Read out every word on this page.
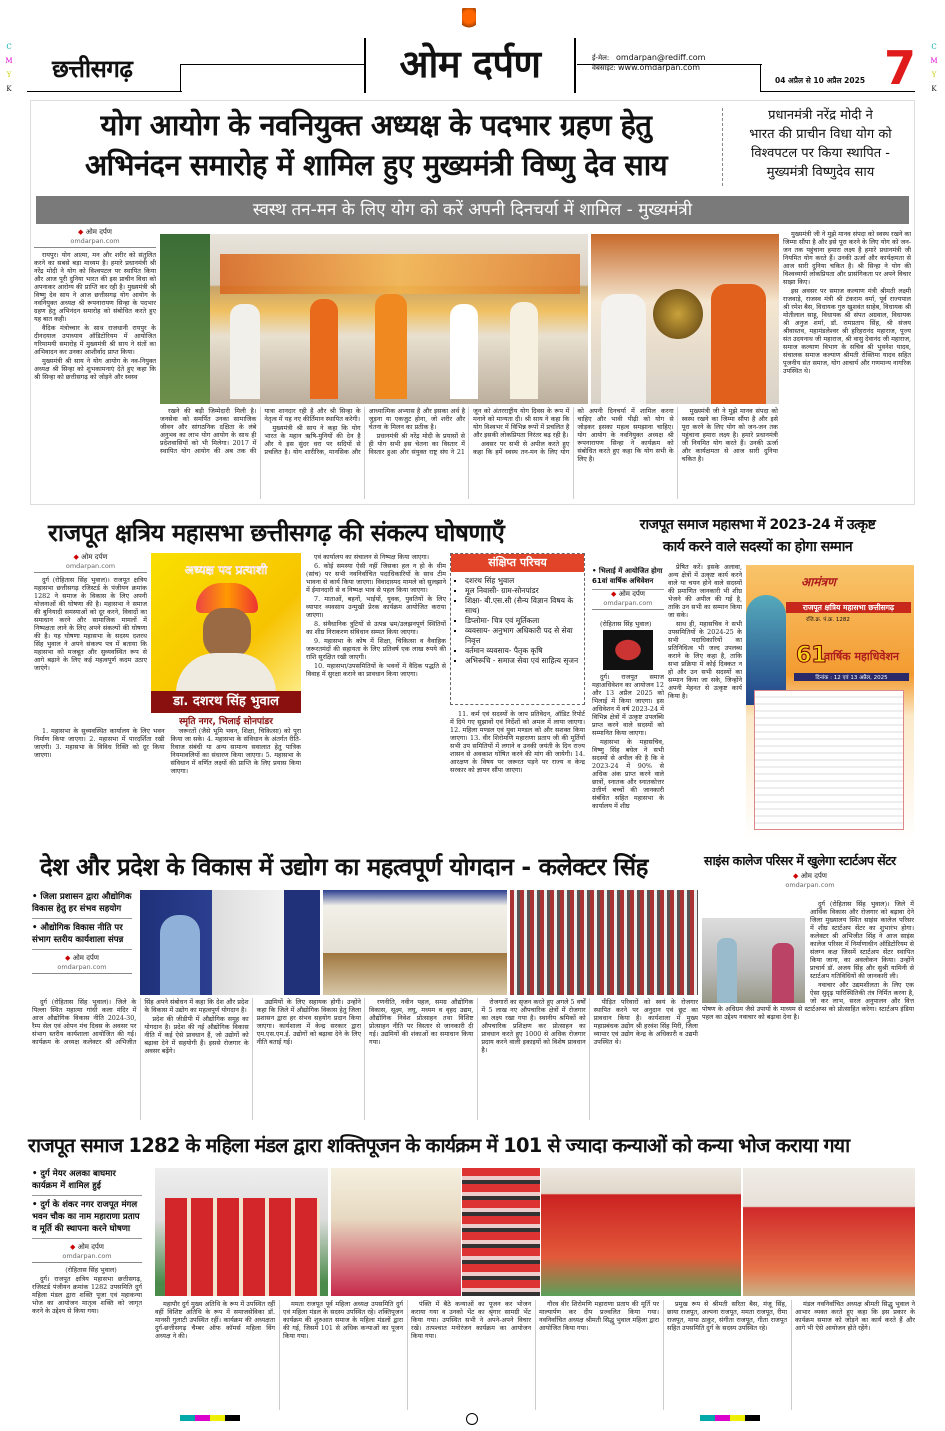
C
M
Y
K
C
M
Y
K
छत्तीसगढ़	ओम दर्पण	ई-मेल: omdarpan@rediff.com
वेबसाइट: www.omdarpan.com
04 अप्रैल से 10 अप्रैल 2025 7
योग आयोग के नवनियुक्त अध्यक्ष के पदभार ग्रहण हेतु
अभिनंदन समारोह में शामिल हुए मुख्यमंत्री विष्णु देव साय
प्रधानमंत्री नरेंद्र मोदी ने
भारत की प्राचीन विधा योग को
विश्वपटल पर किया स्थापित -
मुख्यमंत्री विष्णुदेव साय
स्वस्थ तन-मन के लिए योग को करें अपनी दिनचर्या में शामिल - मुख्यमंत्री
◆ ओम दर्पण
omdarpan.com

रायपुर। योग आत्मा, मन और शरीर को संतुलित करने का सबसे बड़ा माध्यम है। हमारे प्रधानमंत्री श्री नरेंद्र मोदी ने योग को विश्वपटल पर स्थापित किया और आज पूरी दुनिया भारत की इस प्राचीन विधा को अपनाकर आरोग्य की प्राप्ति कर रही है। मुख्यमंत्री श्री विष्णु देव साय ने आज छत्तीसगढ़ योग आयोग के नवनियुक्त अध्यक्ष श्री रूपनारायण सिन्हा के पदभार ग्रहण हेतु अभिनंदन समारोह को संबोधित करते हुए यह बात कही।

वैदिक मंत्रोच्चार के साथ राजधानी रायपुर के दीनदयाल उपाध्याय ऑडिटोरियम में आयोजित गरिमामयी समारोह में मुख्यमंत्री श्री साय ने संतों का अभिवादन कर उनका आशीर्वाद प्राप्त किया।

मुख्यमंत्री श्री साय ने योग आयोग के नव-नियुक्त अध्यक्ष श्री सिन्हा को शुभकामनाएं देते हुए कहा कि श्री सिन्हा को छत्तीसगढ़ को जोड़ने और स्वस्थ

रखने की बड़ी जिम्मेदारी मिली है। जनसेवा को समर्पित उनका सामाजिक जीवन और सांगठनिक दक्षिता के लंबे अनुभव का लाभ योग आयोग के साथ ही प्रदेशवासियों को भी मिलेगा। 2017 में स्थापित योग आयोग की अब तक की यात्रा शानदार रही है और श्री सिन्हा के नेतृत्व में यह नए कीर्तिमान स्थापित करेगी।

मुख्यमंत्री श्री साय ने कहा कि योग भारत के महान ऋषि-मुनियों की देन है और ये इस सुंदर धरा पर सदियों से प्रचलित है। योग शारीरिक, मानसिक और आध्यात्मिक अभ्यास है और इसका अर्थ है जुड़ना या एकजुट होना, जो शरीर और चेतना के मिलन का प्रतीक है।

प्रधानमंत्री श्री नरेंद्र मोदी के प्रयासों से ही योग सभी इस चेतना का विस्तार में विस्तार हुआ और संयुक्त राष्ट्र संघ ने 21 जून को अंतरराष्ट्रीय योग दिवस के रूप में मनाने को मान्यता दी। श्री साय ने कहा कि योग विश्वभर में विभिन्न रूपों में प्रचलित है और इसकी लोकप्रियता निरंतर बढ़ रही है।

अवसर पर सभी से अपील करते हुए कहा कि हमें स्वस्थ तन-मन के लिए योग को अपनी दिनचर्या में शामिल करना चाहिए और भावी पीढ़ी को योग से जोड़कर इसका महत्व समझाना चाहिए। योग आयोग के नवनियुक्त अध्यक्ष श्री रूपनारायण सिन्हा ने कार्यक्रम को संबोधित करते हुए कहा कि योग सभी के लिए है।

मुख्यमंत्री जी ने मुझे मानव संपदा को स्वस्थ रखने का जिम्मा सौंपा है और इसे पूरा करने के लिए योग को जन-जन तक पहुंचाना हमारा लक्ष्य है। हमारे प्रधानमंत्री जी नियमित योग करते हैं। उनकी ऊर्जा और कार्यक्षमता से आज सारी दुनिया चकित है।

मुख्यमंत्री जी ने मुझे मानव संपदा को स्वस्थ रखने का जिम्मा सौंपा है और इसे पूरा करने के लिए योग को जन-जन तक पहुंचाना हमारा लक्ष्य है हमारे प्रधानमंत्री जी नियमित योग करते हैं। उनकी ऊर्जा और कार्यक्षमता से आज सारी दुनिया चकित है। श्री सिन्हा ने योग की विश्वव्यापी लोकप्रियता और प्रासंगिकता पर अपने विचार साझा किए।

इस अवसर पर समाज कल्याण मंत्री श्रीमती लक्ष्मी राजवाड़े, राजस्व मंत्री श्री टंकराम वर्मा, पूर्व राज्यपाल श्री रमेश बैस, विधायक गुरु खुशवंत साहेब, विधायक श्री मोतीलाल साहू, विधायक श्री संपत अग्रवाल, विधायक श्री अनुज शर्मा, डॉ. रामप्रताप सिंह, श्री संजय श्रीवास्तव, महामंडलेश्वर श्री हरिहरानंद महाराज, पूज्य संत उदयनाथ जी महाराज, श्री वासु देवानंद जी महाराज, समाज कल्याण विभाग के सचिव श्री भुवनेश यादव, संचालक समाज कल्याण श्रीमती रोक्तिमा यादव सहित पूजनीय संत समाज, योग आचार्य और गणमान्य नागरिक उपस्थित थे।

राजपूत क्षत्रिय महासभा छत्तीसगढ़ की संकल्प घोषणाएँ
◆ ओम दर्पण
omdarpan.com

दुर्ग (रोहितास सिंह भुवाल)। राजपूत क्षत्रिय महासभा छत्तीसगढ़ रजिस्टर्ड के पंजीयन क्रमांक 1282 ने समाज के विकास के लिए अपनी योजनाओं की घोषणा की है। महासभा ने समाज की बुनियादी समस्याओं को दूर करने, विवादों का समाधान करने और सामाजिक मामलों में निष्पक्षता लाने के लिए अपने संकल्पों की घोषणा की है। यह घोषणा महासभा के सदस्य दशरथ सिंह भुवाल ने अपने संकल्प पत्र में बताया कि महासभा को मजबूत और सुव्यवस्थित रूप से आगे बढ़ाने के लिए कई महत्वपूर्ण कदम उठाए जाएंगे।

अध्यक्ष पद प्रत्याशी
डा. दशरथ सिंह भुवाल
स्मृति नगर, भिलाई सोनपांडर

1. महासभा के सुव्यवस्थित कार्यालय के लिए भवन निर्माण किया जाएगा। 2. महासभा में पारदर्शिता रखी जाएगी। 3. महासभा के विविध रिक्ति को दूर किया जाएगा।

जरूरतों (जैसे भूमि भवन, शिक्षा, चिकित्सा) को पूरा किया जा सके। 4. महासभा के संविधान के अंतर्गत रीति-रिवाज संबंधी या अन्य सामान्य सवालात हेतु पात्रिक नियमावलियों का संधारण किया जाएगा। 5. महासभा के संविधान में वर्णित लक्ष्यों की प्राप्ति के लिए प्रयास किया जाएगा।

एवं कार्यालय का संचालन से निष्पक्ष किया जाएगा।

6. कोई समस्या ऐसी नहीं जिसका हल न हो के थीम (सांच) पर सभी नवनिर्वाचित पदाधिकारियों के साथ टीम भावना से कार्य किया जाएगा। विवादास्पद मामले को सुलझाने में ईमानदारी से व निष्पक्ष भाव से पहल किया जाएगा।

7. माताओं, बहनों, भाईयों, युवक, युवतियों के लिए व्यापार व्यवसाय उन्मुखी प्रेरक कार्यक्रम आयोजित कराया जाएगा।

8. संवैधानिक त्रुटियों से उत्पन्न भ्रम/उलझनपूर्ण स्थितियों का शीघ्र निराकरण संविधान सम्मत किया जाएगा।

9. महासभा के कोष में शिक्षा, चिकित्सा व वैवाहिक जरूरतमंदों की सहायता के लिए प्रतिवर्ष एक लाख रुपये की राशि सुरक्षित रखी जाएगी।

10. महासभा/उपसमितियों के भवनों में वैदिक पद्धति से विवाह में सुरक्षा कराने का प्रावधान किया जाएगा।

संक्षिप्त परिचय
▪ दशरथ सिंह भुवाल
▪ मूल निवासी- ग्राम-सोनपांडर
▪ शिक्षा- बी.एस.सी (सैन्य विज्ञान विषय के साथ)
▪ डिप्लोमा- चित्र एवं मूर्तिकला
▪ व्यवसाय- अनुभाग अधिकारी पद से सेवा निवृत्त
▪ वर्तमान व्यवसाय- पैतृक कृषि
▪ अभिरूचि - समाज सेवा एवं साहित्य सृजन

11. कर्म एवं सदस्यों के जाप प्रतिवेदन, ऑडिट रिपोर्ट में दिये गए सुझावों एवं निर्देशों को अमल में लाया जाएगा। 12. महिला मण्डल एवं युवा मण्डल को और सशक्त किया जाएगा। 13. वीर शिरोमणि महाराणा प्रताप जी की मूर्तियाँ सभी उप समितियों में लगाने व उनकी जयंती के दिन राज्य शासन से अवकाश घोषित करने की मांग की जायेगी। 14. आरक्षण के विषय पर जरूरत पड़ने पर राज्य व केन्द्र सरकार को ज्ञापन सौंपा जाएगा।

राजपूत समाज महासभा में 2023-24 में उत्कृष्ट
कार्य करने वाले सदस्यों का होगा सम्मान
• भिलाई में आयोजित होगा 61वां वार्षिक अधिवेशन
◆ ओम दर्पण
omdarpan.com

(रोहितास सिंह भुवाल)

दुर्ग। राजपूत समाज महाअधिवेशन का आयोजन 12 और 13 अप्रैल 2025 को भिलाई में किया जाएगा। इस अधिवेशन में वर्ष 2023-24 में विभिन्न क्षेत्रों में उत्कृष्ट उपलब्धि प्राप्त करने वाले सदस्यों को सम्मानित किया जाएगा।

महासभा के महासचिव, विष्णु सिंह बघेल ने सभी सदस्यों से अपील की है कि वे 2023-24 में 90% से अधिक अंक प्राप्त करने वाले छात्रों, स्नातक और स्नातकोत्तर उत्तीर्ण बच्चों की जानकारी संबंधित सहित महासभा के कार्यालय में शीघ्र

प्रेषित करें। इसके अलावा, अन्य क्षेत्रों में उत्कृष्ट कार्य करने वाले या चयन होने वाले सदस्यों की प्रमाणित जानकारी भी शीघ्र भेजने की अपील की गई है, ताकि उन सभी का सम्मान किया जा सके।

साथ ही, महासचिव ने सभी उपसमितियों के 2024-25 के सभी पदाधिकारियों का प्रतिनिधित्व भी जल्द उपलब्ध कराने के लिए कहा है, ताकि सभा प्रक्रिया में कोई दिक्कत न हो और उन सभी सदस्यों का सम्मान किया जा सके, जिन्होंने अपनी मेहनत से उत्कृष्ट कार्य किया है।

आमंत्रण
राजपूत क्षत्रिय महासभा छत्तीसगढ़
रजि.क्र. पं.क्र. 1282
61
वार्षिक महाधिवेशन
दिनांक : 12 एवं 13 अप्रैल, 2025
देश और प्रदेश के विकास में उद्योग का महत्वपूर्ण योगदान - कलेक्टर सिंह
• जिला प्रशासन द्वारा औद्योगिक विकास हेतु हर संभव सहयोग
• औद्योगिक विकास नीति पर संभाग स्तरीय कार्यशाला संपन्न
◆ ओम दर्पण
omdarpan.com

दुर्ग (रोहितास सिंह भुवाल)। जिले के पिल्ला स्थित महात्मा गांधी कला मंदिर में आज औद्योगिक विकास नीति 2024-30, रैम्प सेल एवं ओपन मंच दिवस के अवसर पर संभाग स्तरीय कार्यशाला आयोजित की गई। कार्यक्रम के अध्यक्ष कलेक्टर श्री अभिजीत सिंह अपने संबोधन में कहा कि देश और प्रदेश के विकास में उद्योग का महत्वपूर्ण योगदान है।

प्रदेश की जीडीपी में औद्योगिक समूह का योगदान है। प्रदेश की नई औद्योगिक विकास नीति में कई ऐसे प्रावधान हैं, जो उद्योगों को बढ़ावा देने में सहयोगी हैं। इससे रोजगार के अवसर बढ़ेंगे।

उद्यमियों के लिए सहायक होगी। उन्होंने कहा कि जिले में औद्योगिक विकास हेतु जिला प्रशासन द्वारा हर संभव सहयोग प्रदान किया जाएगा। कार्यशाला में केन्द्र सरकार द्वारा एम.एस.एम.ई. उद्योगों को बढ़ावा देने के लिए नीति बताई गई।

रणनीति, नवीन पहल, समग्र औद्योगिक विकास, सूक्ष्म, लघु, मध्यम व वृहद उद्यम, औद्योगिक निवेश प्रोत्साहन तथा विशिष्ट प्रोत्साहन नीति पर विस्तार से जानकारी दी गई। उद्यमियों की शंकाओं का समाधान किया गया।

रोजगारों का सृजन करते हुए अगले 5 वर्षों में 5 लाख नए औपचारिक क्षेत्रों में रोजगार का लक्ष्य रखा गया है। स्थानीय श्रमिकों को औपचारिक प्रशिक्षण कर प्रोत्साहन का प्रावधान करते हुए 1000 से अधिक रोजगार प्रदाय करने वाली इकाइयों को विशेष प्रावधान है।

पीड़ित परिवारों को स्वयं के रोजगार स्थापित करने पर अनुदान एवं छूट का प्रावधान किया है। कार्यशाला में मुख्य महाप्रबंधक उद्योग श्री हरवंश सिंह मिरी, जिला व्यापार एवं उद्योग केन्द्र के अधिकारी व उद्यमी उपस्थित थे।

साइंस कालेज परिसर में खुलेगा स्टार्टअप सेंटर
◆ ओम दर्पण
omdarpan.com

दुर्ग (रोहितास सिंह भुवाल)। जिले में आर्थिक विकास और रोजगार को बढ़ावा देने जिला मुख्यालय स्थित साइंस कालेज परिसर में शीघ्र स्टार्टअप सेंटर का शुभारंभ होगा। कलेक्टर श्री अभिजीत सिंह ने आज साइंस कालेज परिसर में निर्माणाधीन ऑडिटोरियम से संलग्न कक्ष जिसमें स्टार्टअप सेंटर स्थापित किया जाना, का अवलोकन किया। उन्होंने प्राचार्य डॉ. अजय सिंह और सुश्री यामिनी से स्टार्टअप गतिविधियों की जानकारी ली।

नवाचार और उद्यमशीलता के लिए एक ऐसा सुदृढ़ पारिस्थितिकी तंत्र निर्मित करना है, जो कर लाभ, सरल अनुपालन और वित्त पोषण के अधिग्रम जैसे उपायों के माध्यम से स्टार्टअप्स को प्रोत्साहित करेगा। स्टार्टअप इंडिया पहल का उद्देश्य नवाचार को बढ़ावा देना है।

राजपूत समाज 1282 के महिला मंडल द्वारा शक्तिपूजन के कार्यक्रम में 101 से ज्यादा कन्याओं को कन्या भोज कराया गया
• दुर्ग मेयर अलका बाघमार कार्यक्रम में शामिल हुई
• दुर्ग के शंकर नगर राजपूत मंगल भवन चौक का नाम महाराणा प्रताप व मूर्ति की स्थापना करने घोषणा
◆ ओम दर्पण
omdarpan.com

(रोहितास सिंह भुवाल)

दुर्ग। राजपूत क्षत्रिय महासभा छत्तीसगढ़, रजिस्टर्ड पंजीयन क्रमांक 1282 उपसमिति दुर्ग महिला मंडल द्वारा शक्ति पूजा एवं महाकन्या भोज का आयोजन मातृत्व शक्ति को जागृत करने के उद्देश्य से किया गया।

महापौर दुर्ग मुख्य अतिथि के रूप में उपस्थित रहीं वहीं विशिष्ट अतिथि के रूप में समाजसेविका डॉ. मानसी गुलाटी उपस्थित रहीं। कार्यक्रम की अध्यक्षता दुर्ग-छत्तीसगढ़ चैम्बर ऑफ कॉमर्स महिला विंग अध्यक्ष ने की।

ममता राजपूत पूर्व महिला अध्यक्ष उपसमिति दुर्ग एवं महिला मंडल के सदस्य उपस्थित रहे। शक्तिपूजन कार्यक्रम की शुरुआत समाज के महिला मंडलों द्वारा की गई, जिसमें 101 से अधिक कन्याओं का पूजन किया गया।

पंक्ति में बैठे कन्याओं का पूजन कर भोजन कराया गया व उनको भेंट का श्रृंगार सामग्री भेंट किया गया। उपस्थित सभी ने अपने-अपने विचार रखे। तत्पश्चात मनोरंजन कार्यक्रम का आयोजन किया गया।

गौरव वीर शिरोमणि महाराणा प्रताप की मूर्ति पर माल्यार्पण कर दीप प्रज्वलित किया गया। नवनिर्वाचित अध्यक्ष श्रीमती सिद्धु भुवाल महिला द्वारा आयोजित किया गया।

प्रमुख रूप से श्रीमती सरिता बैस, मंजू सिंह, छाया राजपूत, अल्पना राजपूत, ममता राजपूत, रीमा राजपूत, माया ठाकुर, संगीता राजपूत, गीता राजपूत सहित उपसमिति दुर्ग के सदस्य उपस्थित रहे।

मंडल नवनिर्वाचित अध्यक्ष श्रीमती सिद्धु भुवाल ने आभार व्यक्त करते हुए कहा कि इस प्रकार के कार्यक्रम समाज को जोड़ने का कार्य करते हैं और आगे भी ऐसे आयोजन होते रहेंगे।
